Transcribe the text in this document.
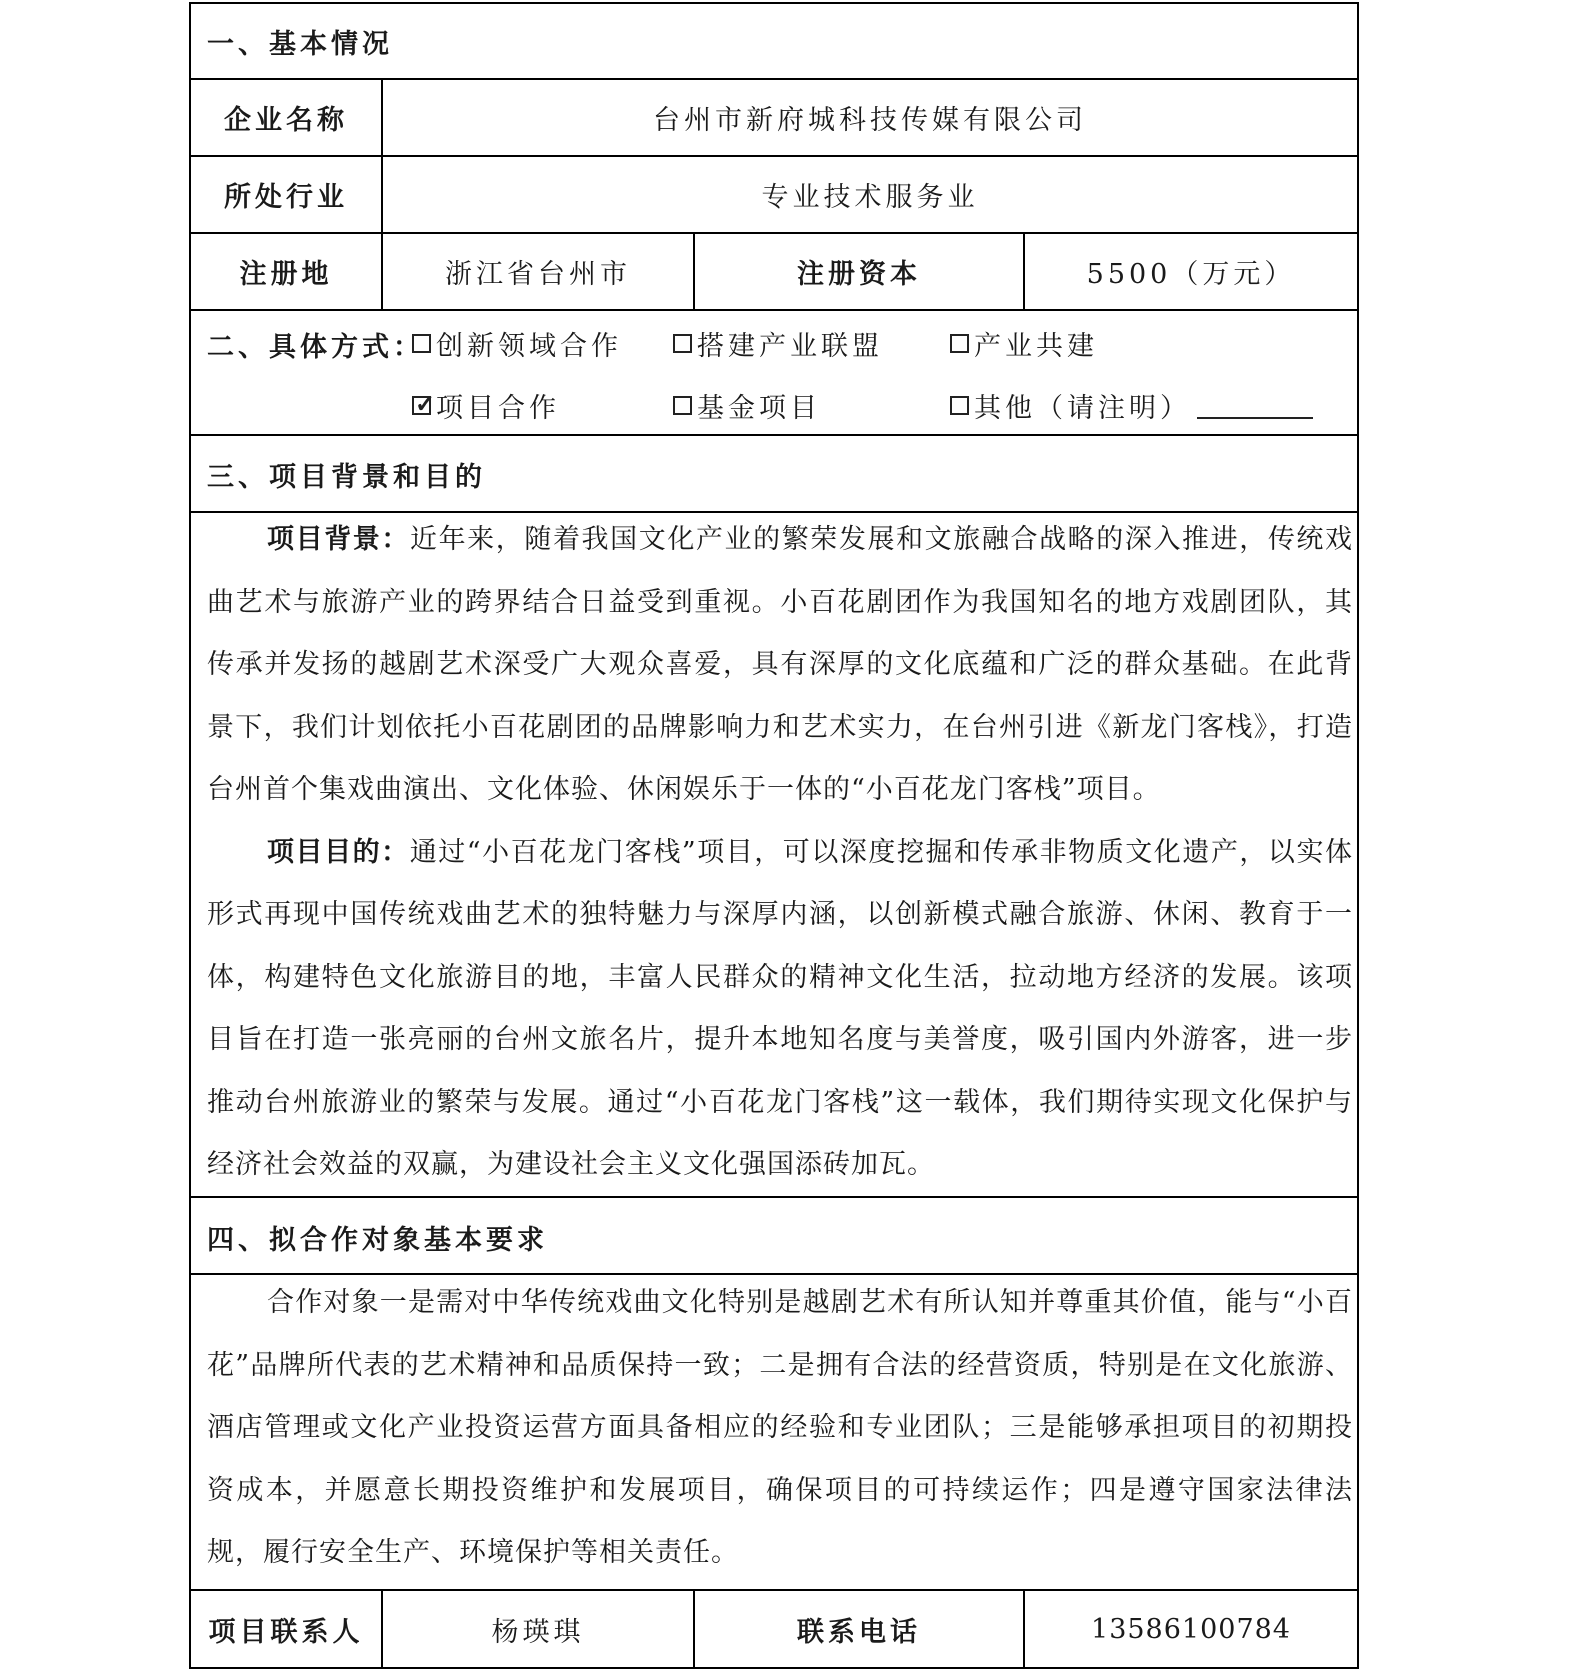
一、基本情况
企业名称	台州市新府城科技传媒有限公司
所处行业	专业技术服务业
注册地	浙江省台州市	注册资本	5500（万元）
二、具体方式： 创新领域合作	搭建产业联盟	产业共建
✓
项目合作	基金项目	其他（请注明）
三、项目背景和目的

项目背景：近年来，随着我国文化产业的繁荣发展和文旅融合战略的深入推进，传统戏曲艺术与旅游产业的跨界结合日益受到重视。小百花剧团作为我国知名的地方戏剧团队，其传承并发扬的越剧艺术深受广大观众喜爱，具有深厚的文化底蕴和广泛的群众基础。在此背景下，我们计划依托小百花剧团的品牌影响力和艺术实力，在台州引进《新龙门客栈》，打造台州首个集戏曲演出、文化体验、休闲娱乐于一体的“小百花龙门客栈”项目。

项目目的：通过“小百花龙门客栈”项目，可以深度挖掘和传承非物质文化遗产，以实体形式再现中国传统戏曲艺术的独特魅力与深厚内涵，以创新模式融合旅游、休闲、教育于一体，构建特色文化旅游目的地，丰富人民群众的精神文化生活，拉动地方经济的发展。该项目旨在打造一张亮丽的台州文旅名片，提升本地知名度与美誉度，吸引国内外游客，进一步推动台州旅游业的繁荣与发展。通过“小百花龙门客栈”这一载体，我们期待实现文化保护与经济社会效益的双赢，为建设社会主义文化强国添砖加瓦。

四、拟合作对象基本要求

合作对象一是需对中华传统戏曲文化特别是越剧艺术有所认知并尊重其价值，能与“小百花”品牌所代表的艺术精神和品质保持一致；二是拥有合法的经营资质，特别是在文化旅游、酒店管理或文化产业投资运营方面具备相应的经验和专业团队；三是能够承担项目的初期投资成本，并愿意长期投资维护和发展项目，确保项目的可持续运作；四是遵守国家法律法规，履行安全生产、环境保护等相关责任。

项目联系人	杨瑛琪	联系电话	13586100784
